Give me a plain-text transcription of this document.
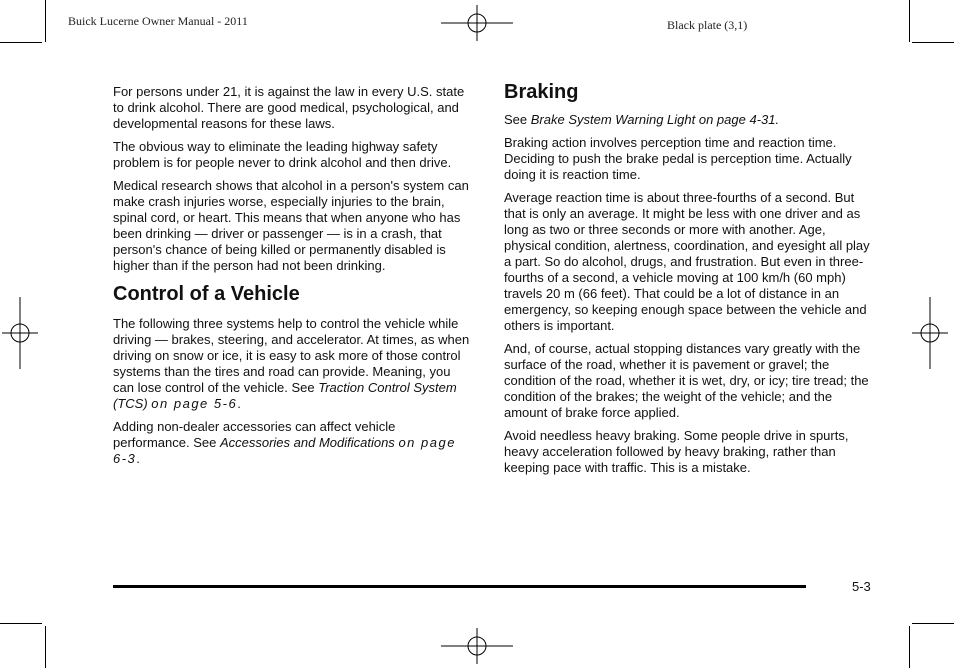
Buick Lucerne Owner Manual - 2011	Black plate (3,1)

For persons under 21, it is against the law in every U.S. state to drink alcohol. There are good medical, psychological, and developmental reasons for these laws.

The obvious way to eliminate the leading highway safety problem is for people never to drink alcohol and then drive.

Medical research shows that alcohol in a person's system can make crash injuries worse, especially injuries to the brain, spinal cord, or heart. This means that when anyone who has been drinking — driver or passenger — is in a crash, that person's chance of being killed or permanently disabled is higher than if the person had not been drinking.

Control of a Vehicle

The following three systems help to control the vehicle while driving — brakes, steering, and accelerator. At times, as when driving on snow or ice, it is easy to ask more of those control systems than the tires and road can provide. Meaning, you can lose control of the vehicle. See Traction Control System (TCS) on page 5-6.

Adding non-dealer accessories can affect vehicle performance. See Accessories and Modifications on page 6-3.

Braking

See Brake System Warning Light on page 4-31.

Braking action involves perception time and reaction time. Deciding to push the brake pedal is perception time. Actually doing it is reaction time.

Average reaction time is about three-fourths of a second. But that is only an average. It might be less with one driver and as long as two or three seconds or more with another. Age, physical condition, alertness, coordination, and eyesight all play a part. So do alcohol, drugs, and frustration. But even in three-fourths of a second, a vehicle moving at 100 km/h (60 mph) travels 20 m (66 feet). That could be a lot of distance in an emergency, so keeping enough space between the vehicle and others is important.

And, of course, actual stopping distances vary greatly with the surface of the road, whether it is pavement or gravel; the condition of the road, whether it is wet, dry, or icy; tire tread; the condition of the brakes; the weight of the vehicle; and the amount of brake force applied.

Avoid needless heavy braking. Some people drive in spurts, heavy acceleration followed by heavy braking, rather than keeping pace with traffic. This is a mistake.

5-3
